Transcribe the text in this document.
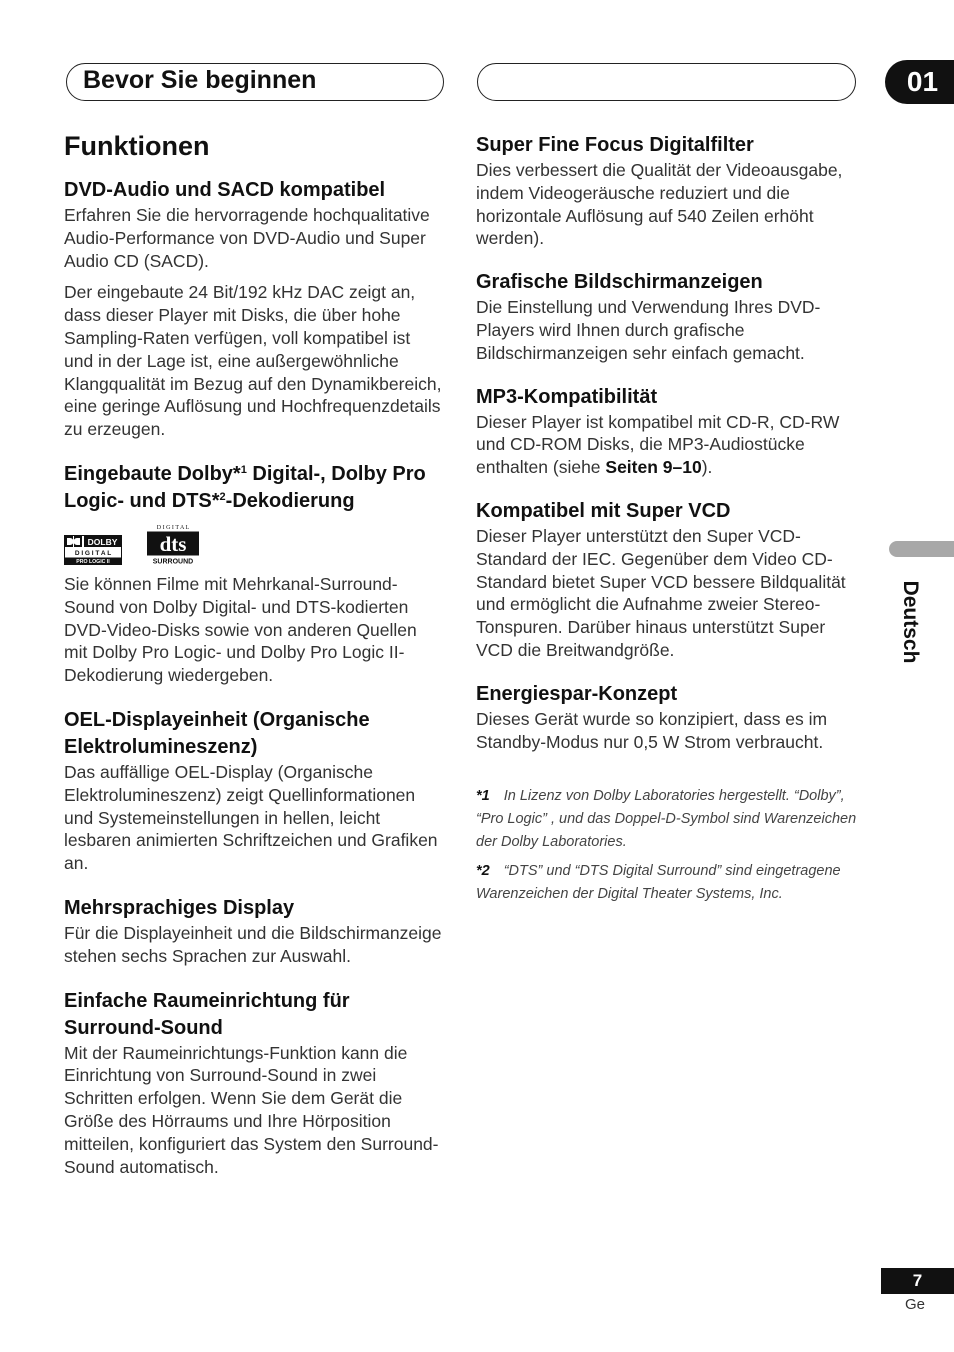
Bevor Sie beginnen	01
Funktionen
DVD-Audio und SACD kompatibel

Erfahren Sie die hervorragende hochqualitative Audio-Performance von DVD-Audio und Super Audio CD (SACD).

Der eingebaute 24 Bit/192 kHz DAC zeigt an, dass dieser Player mit Disks, die über hohe Sampling-Raten verfügen, voll kompatibel ist und in der Lage ist, eine außergewöhnliche Klangqualität im Bezug auf den Dynamikbereich, eine geringe Auflösung und Hochfrequenzdetails zu erzeugen.

Eingebaute Dolby*$^1$ Digital-, Dolby Pro Logic- und DTS*$^2$-Dekodierung
DOLBY
D I G I T A L
PRO LOGIC II
D I G I T A L
dts
SURROUND

Sie können Filme mit Mehrkanal-Surround-Sound von Dolby Digital- und DTS-kodierten DVD-Video-Disks sowie von anderen Quellen mit Dolby Pro Logic- und Dolby Pro Logic II-Dekodierung wiedergeben.

OEL-Displayeinheit (Organische Elektrolumineszenz)

Das auffällige OEL-Display (Organische Elektrolumineszenz) zeigt Quellinformationen und Systemeinstellungen in hellen, leicht lesbaren animierten Schriftzeichen und Grafiken an.

Mehrsprachiges Display

Für die Displayeinheit und die Bildschirmanzeige stehen sechs Sprachen zur Auswahl.

Einfache Raumeinrichtung für Surround-Sound

Mit der Raumeinrichtungs-Funktion kann die Einrichtung von Surround-Sound in zwei Schritten erfolgen. Wenn Sie dem Gerät die Größe des Hörraums und Ihre Hörposition mitteilen, konfiguriert das System den Surround-Sound automatisch.

Super Fine Focus Digitalfilter

Dies verbessert die Qualität der Videoausgabe, indem Videogeräusche reduziert und die horizontale Auflösung auf 540 Zeilen erhöht werden).

Grafische Bildschirmanzeigen

Die Einstellung und Verwendung Ihres DVD-Players wird Ihnen durch grafische Bildschirmanzeigen sehr einfach gemacht.

MP3-Kompatibilität

Dieser Player ist kompatibel mit CD-R, CD-RW und CD-ROM Disks, die MP3-Audiostücke enthalten (siehe Seiten 9–10).

Kompatibel mit Super VCD

Dieser Player unterstützt den Super VCD-Standard der IEC. Gegenüber dem Video CD-Standard bietet Super VCD bessere Bildqualität und ermöglicht die Aufnahme zweier Stereo-Tonspuren. Darüber hinaus unterstützt Super VCD die Breitwandgröße.

Energiespar-Konzept

Dieses Gerät wurde so konzipiert, dass es im Standby-Modus nur 0,5 W Strom verbraucht.

*1 In Lizenz von Dolby Laboratories hergestellt. “Dolby”, “Pro Logic” , und das Doppel-D-Symbol sind Warenzeichen der Dolby Laboratories.

*2 “DTS” und “DTS Digital Surround” sind eingetragene Warenzeichen der Digital Theater Systems, Inc.

Deutsch
7
Ge
